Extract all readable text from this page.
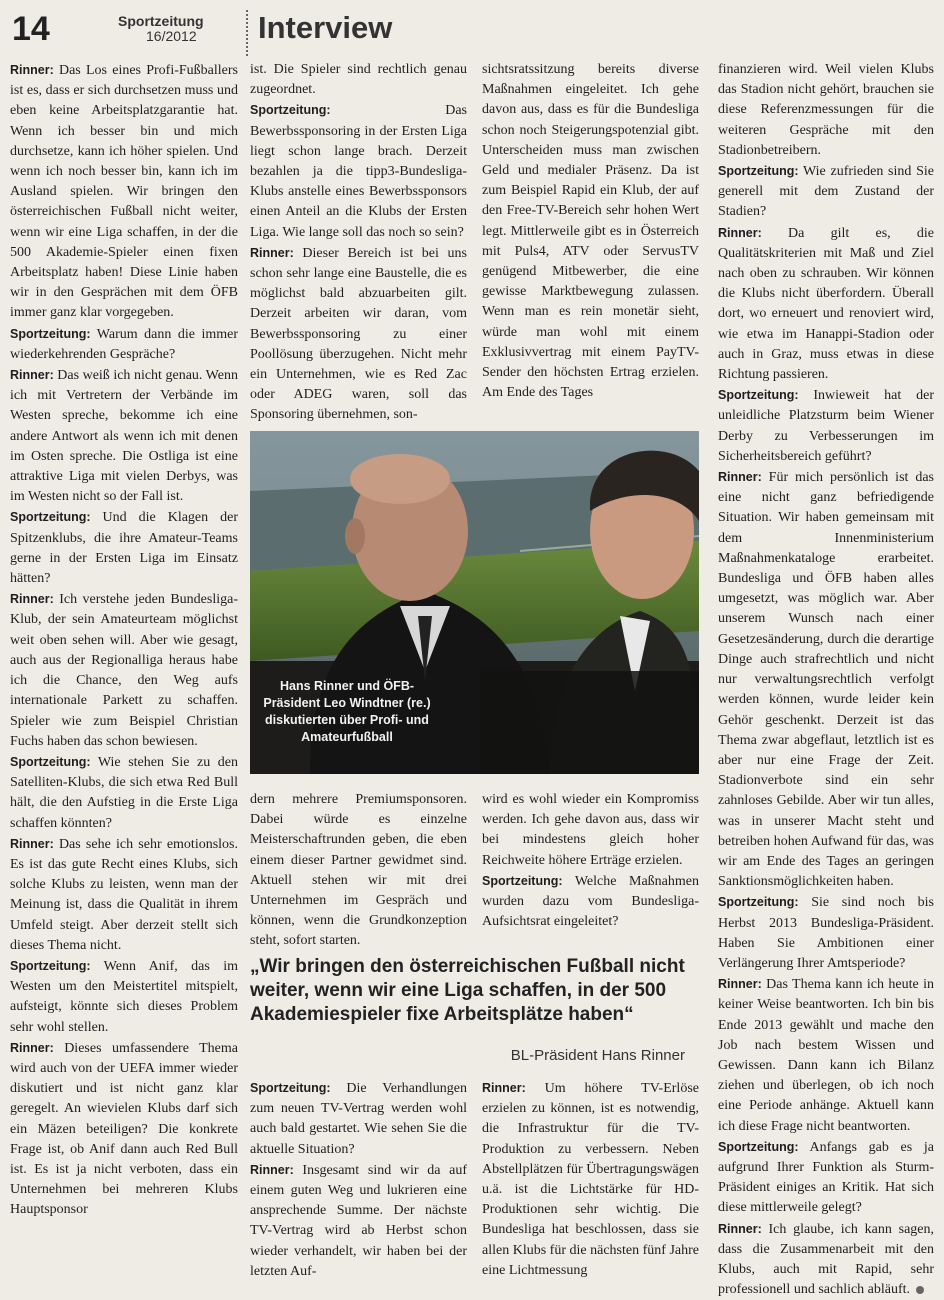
14	Sportzeitung
16/2012 Interview

Rinner: Das Los eines Profi-Fußballers ist es, dass er sich durchsetzen muss und eben keine Arbeitsplatzgarantie hat. Wenn ich besser bin und mich durchsetze, kann ich höher spielen. Und wenn ich noch besser bin, kann ich im Ausland spielen. Wir bringen den österreichischen Fußball nicht weiter, wenn wir eine Liga schaffen, in der die 500 Akademie-Spieler einen fixen Arbeitsplatz haben! Diese Linie haben wir in den Gesprächen mit dem ÖFB immer ganz klar vorgegeben.

Sportzeitung: Warum dann die immer wiederkehrenden Gespräche?

Rinner: Das weiß ich nicht genau. Wenn ich mit Vertretern der Verbände im Westen spreche, bekomme ich eine andere Antwort als wenn ich mit denen im Osten spreche. Die Ostliga ist eine attraktive Liga mit vielen Derbys, was im Westen nicht so der Fall ist.

Sportzeitung: Und die Klagen der Spitzenklubs, die ihre Amateur-Teams gerne in der Ersten Liga im Einsatz hätten?

Rinner: Ich verstehe jeden Bundesliga-Klub, der sein Amateurteam möglichst weit oben sehen will. Aber wie gesagt, auch aus der Regionalliga heraus habe ich die Chance, den Weg aufs internationale Parkett zu schaffen. Spieler wie zum Beispiel Christian Fuchs haben das schon bewiesen.

Sportzeitung: Wie stehen Sie zu den Satelliten-Klubs, die sich etwa Red Bull hält, die den Aufstieg in die Erste Liga schaffen könnten?

Rinner: Das sehe ich sehr emotionslos. Es ist das gute Recht eines Klubs, sich solche Klubs zu leisten, wenn man der Meinung ist, dass die Qualität in ihrem Umfeld steigt. Aber derzeit stellt sich dieses Thema nicht.

Sportzeitung: Wenn Anif, das im Westen um den Meistertitel mitspielt, aufsteigt, könnte sich dieses Problem sehr wohl stellen.

Rinner: Dieses umfassendere Thema wird auch von der UEFA immer wieder diskutiert und ist nicht ganz klar geregelt. An wievielen Klubs darf sich ein Mäzen beteiligen? Die konkrete Frage ist, ob Anif dann auch Red Bull ist. Es ist ja nicht verboten, dass ein Unternehmen bei mehreren Klubs Hauptsponsor

ist. Die Spieler sind rechtlich genau zugeordnet.

Sportzeitung: Das Bewerbssponsoring in der Ersten Liga liegt schon lange brach. Derzeit bezahlen ja die tipp3-Bundesliga-Klubs anstelle eines Bewerbssponsors einen Anteil an die Klubs der Ersten Liga. Wie lange soll das noch so sein?

Rinner: Dieser Bereich ist bei uns schon sehr lange eine Baustelle, die es möglichst bald abzuarbeiten gilt. Derzeit arbeiten wir daran, vom Bewerbssponsoring zu einer Poollösung überzugehen. Nicht mehr ein Unternehmen, wie es Red Zac oder ADEG waren, soll das Sponsoring übernehmen, son-

sichtsratssitzung bereits diverse Maßnahmen eingeleitet. Ich gehe davon aus, dass es für die Bundesliga schon noch Steigerungspotenzial gibt. Unterscheiden muss man zwischen Geld und medialer Präsenz. Da ist zum Beispiel Rapid ein Klub, der auf den Free-TV-Bereich sehr hohen Wert legt. Mittlerweile gibt es in Österreich mit Puls4, ATV oder ServusTV genügend Mitbewerber, die eine gewisse Marktbewegung zulassen. Wenn man es rein monetär sieht, würde man wohl mit einem Exklusivvertrag mit einem PayTV-Sender den höchsten Ertrag erzielen. Am Ende des Tages

Hans Rinner und ÖFB-Präsident Leo Windtner (re.) diskutierten über Profi- und Amateurfußball

dern mehrere Premiumsponsoren. Dabei würde es einzelne Meisterschaftrunden geben, die eben einem dieser Partner gewidmet sind. Aktuell stehen wir mit drei Unternehmen im Gespräch und können, wenn die Grundkonzeption steht, sofort starten.

wird es wohl wieder ein Kompromiss werden. Ich gehe davon aus, dass wir bei mindestens gleich hoher Reichweite höhere Erträge erzielen.

Sportzeitung: Welche Maßnahmen wurden dazu vom Bundesliga-Aufsichtsrat eingeleitet?

„Wir bringen den österreichischen Fußball nicht weiter, wenn wir eine Liga schaffen, in der 500 Akademiespieler fixe Arbeitsplätze haben“
BL-Präsident Hans Rinner

Sportzeitung: Die Verhandlungen zum neuen TV-Vertrag werden wohl auch bald gestartet. Wie sehen Sie die aktuelle Situation?

Rinner: Insgesamt sind wir da auf einem guten Weg und lukrieren eine ansprechende Summe. Der nächste TV-Vertrag wird ab Herbst schon wieder verhandelt, wir haben bei der letzten Auf-

Rinner: Um höhere TV-Erlöse erzielen zu können, ist es notwendig, die Infrastruktur für die TV-Produktion zu verbessern. Neben Abstellplätzen für Übertragungswägen u.ä. ist die Lichtstärke für HD-Produktionen sehr wichtig. Die Bundesliga hat beschlossen, dass sie allen Klubs für die nächsten fünf Jahre eine Lichtmessung

finanzieren wird. Weil vielen Klubs das Stadion nicht gehört, brauchen sie diese Referenzmessungen für die weiteren Gespräche mit den Stadionbetreibern.

Sportzeitung: Wie zufrieden sind Sie generell mit dem Zustand der Stadien?

Rinner: Da gilt es, die Qualitätskriterien mit Maß und Ziel nach oben zu schrauben. Wir können die Klubs nicht überfordern. Überall dort, wo erneuert und renoviert wird, wie etwa im Hanappi-Stadion oder auch in Graz, muss etwas in diese Richtung passieren.

Sportzeitung: Inwieweit hat der unleidliche Platzsturm beim Wiener Derby zu Verbesserungen im Sicherheitsbereich geführt?

Rinner: Für mich persönlich ist das eine nicht ganz befriedigende Situation. Wir haben gemeinsam mit dem Innenministerium Maßnahmenkataloge erarbeitet. Bundesliga und ÖFB haben alles umgesetzt, was möglich war. Aber unserem Wunsch nach einer Gesetzesänderung, durch die derartige Dinge auch strafrechtlich und nicht nur verwaltungsrechtlich verfolgt werden können, wurde leider kein Gehör geschenkt. Derzeit ist das Thema zwar abgeflaut, letztlich ist es aber nur eine Frage der Zeit. Stadionverbote sind ein sehr zahnloses Gebilde. Aber wir tun alles, was in unserer Macht steht und betreiben hohen Aufwand für das, was wir am Ende des Tages an geringen Sanktionsmöglichkeiten haben.

Sportzeitung: Sie sind noch bis Herbst 2013 Bundesliga-Präsident. Haben Sie Ambitionen einer Verlängerung Ihrer Amtsperiode?

Rinner: Das Thema kann ich heute in keiner Weise beantworten. Ich bin bis Ende 2013 gewählt und mache den Job nach bestem Wissen und Gewissen. Dann kann ich Bilanz ziehen und überlegen, ob ich noch eine Periode anhänge. Aktuell kann ich diese Frage nicht beantworten.

Sportzeitung: Anfangs gab es ja aufgrund Ihrer Funktion als Sturm-Präsident einiges an Kritik. Hat sich diese mittlerweile gelegt?

Rinner: Ich glaube, ich kann sagen, dass die Zusammenarbeit mit den Klubs, auch mit Rapid, sehr professionell und sachlich abläuft.
